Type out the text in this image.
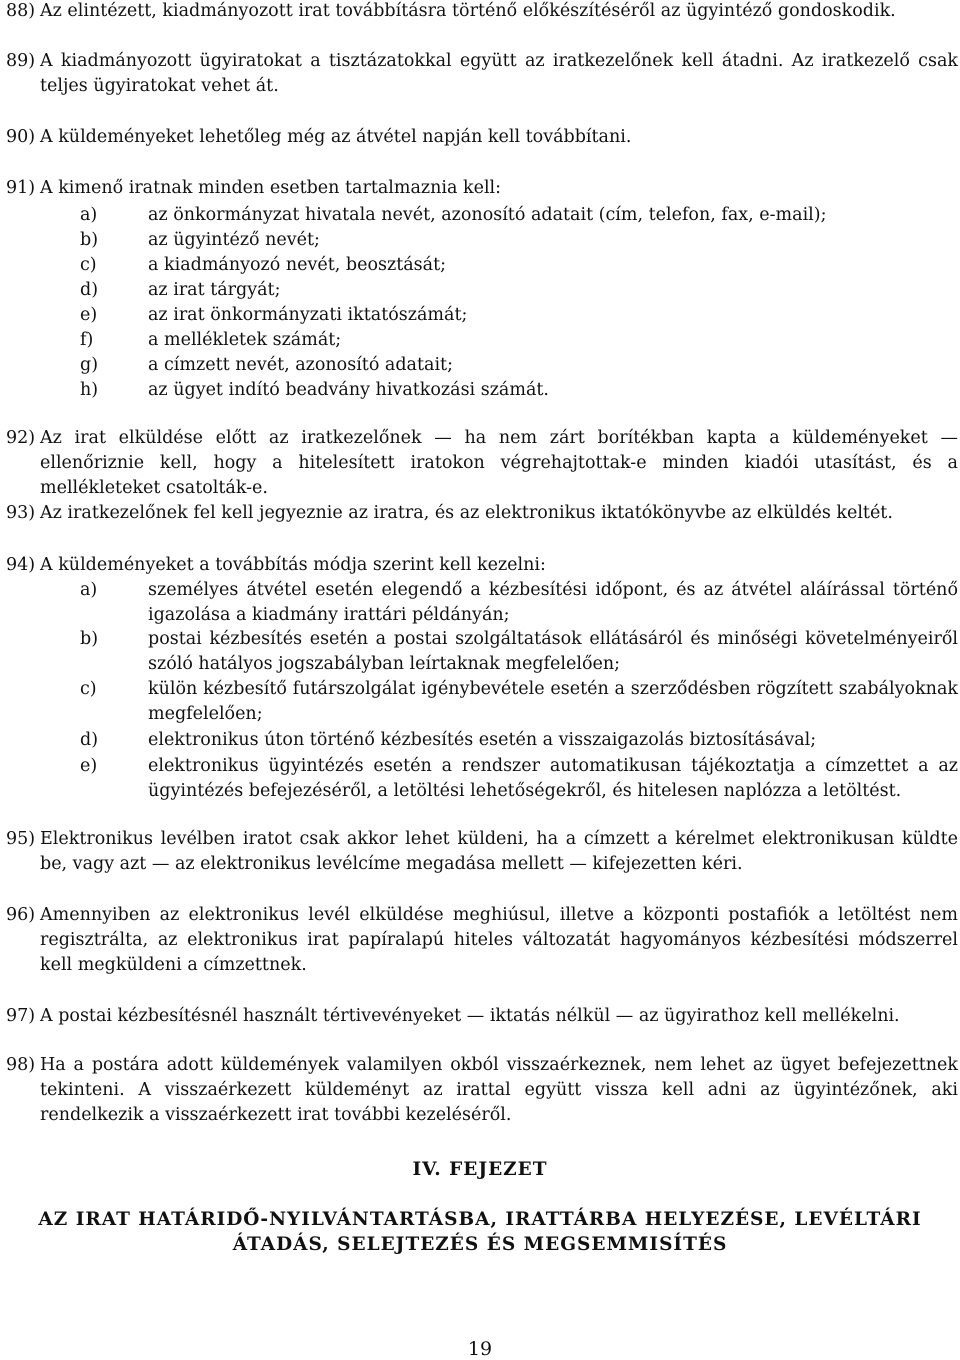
88) Az elintézett, kiadmányozott irat továbbításra történő előkészítéséről az ügyintéző gondoskodik.
89) A kiadmányozott ügyiratokat a tisztázatokkal együtt az iratkezelőnek kell átadni. Az iratkezelő csak teljes ügyiratokat vehet át.
90) A küldeményeket lehetőleg még az átvétel napján kell továbbítani.
91) A kimenő iratnak minden esetben tartalmaznia kell:
a)	az önkormányzat hivatala nevét, azonosító adatait (cím, telefon, fax, e-mail);
b)	az ügyintéző nevét;
c)	a kiadmányozó nevét, beosztását;
d)	az irat tárgyát;
e)	az irat önkormányzati iktatószámát;
f)	a mellékletek számát;
g)	a címzett nevét, azonosító adatait;
h)	az ügyet indító beadvány hivatkozási számát.
92) Az irat elküldése előtt az iratkezelőnek — ha nem zárt borítékban kapta a küldeményeket — ellenőriznie kell, hogy a hitelesített iratokon végrehajtottak-e minden kiadói utasítást, és a mellékleteket csatolták-e.
93) Az iratkezelőnek fel kell jegyeznie az iratra, és az elektronikus iktatókönyvbe az elküldés keltét.
94) A küldeményeket a továbbítás módja szerint kell kezelni:
a)	személyes átvétel esetén elegendő a kézbesítési időpont, és az átvétel aláírással történő igazolása a kiadmány irattári példányán;
b)	postai kézbesítés esetén a postai szolgáltatások ellátásáról és minőségi követelményeiről szóló hatályos jogszabályban leírtaknak megfelelően;
c)	külön kézbesítő futárszolgálat igénybevétele esetén a szerződésben rögzített szabályoknak megfelelően;
d)	elektronikus úton történő kézbesítés esetén a visszaigazolás biztosításával;
e)	elektronikus ügyintézés esetén a rendszer automatikusan tájékoztatja a címzettet a az ügyintézés befejezéséről, a letöltési lehetőségekről, és hitelesen naplózza a letöltést.
95) Elektronikus levélben iratot csak akkor lehet küldeni, ha a címzett a kérelmet elektronikusan küldte be, vagy azt — az elektronikus levélcíme megadása mellett — kifejezetten kéri.
96) Amennyiben az elektronikus levél elküldése meghiúsul, illetve a központi postafiók a letöltést nem regisztrálta, az elektronikus irat papíralapú hiteles változatát hagyományos kézbesítési módszerrel kell megküldeni a címzettnek.
97) A postai kézbesítésnél használt tértivevényeket — iktatás nélkül — az ügyirathoz kell mellékelni.
98) Ha a postára adott küldemények valamilyen okból visszaérkeznek, nem lehet az ügyet befejezettnek tekinteni. A visszaérkezett küldeményt az irattal együtt vissza kell adni az ügyintézőnek, aki rendelkezik a visszaérkezett irat további kezeléséről.
IV. FEJEZET
AZ IRAT HATÁRIDŐ-NYILVÁNTARTÁSBA, IRATTÁRBA HELYEZÉSE, LEVÉLTÁRI
ÁTADÁS, SELEJTEZÉS ÉS MEGSEMMISÍTÉS
19
